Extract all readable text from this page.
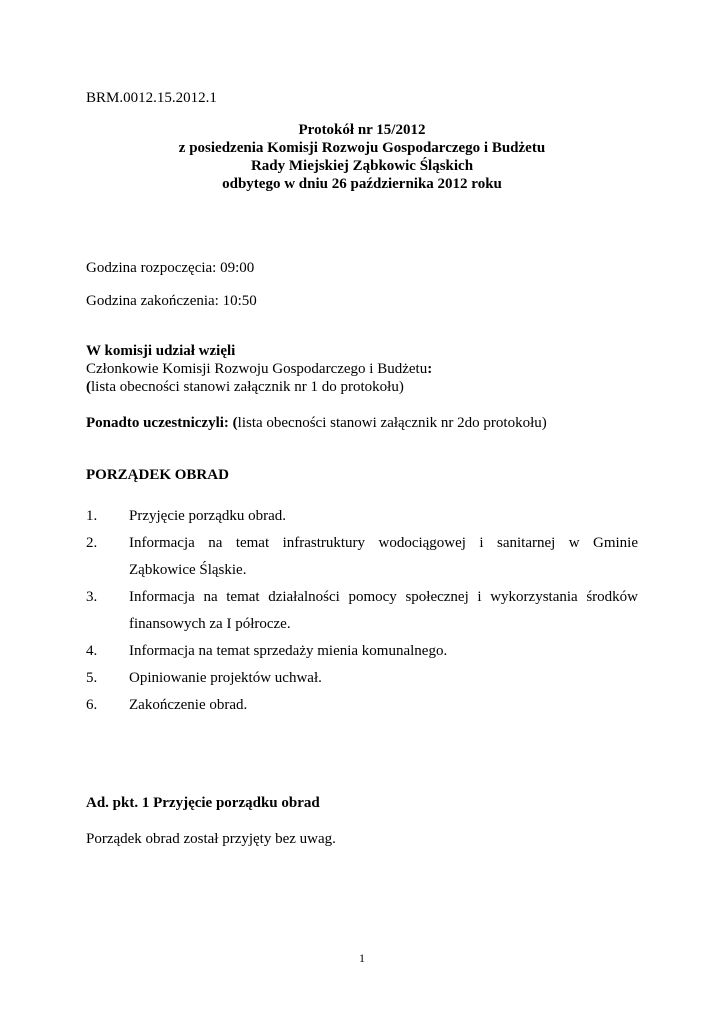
BRM.0012.15.2012.1
Protokół nr 15/2012
z posiedzenia Komisji Rozwoju Gospodarczego i Budżetu
Rady Miejskiej Ząbkowic Śląskich
odbytego w dniu 26 października 2012 roku
Godzina rozpoczęcia: 09:00
Godzina zakończenia: 10:50
W komisji udział wzięli
Członkowie Komisji Rozwoju Gospodarczego i Budżetu:
(lista obecności stanowi załącznik nr 1 do protokołu)
Ponadto uczestniczyli: (lista obecności stanowi załącznik nr 2do protokołu)
PORZĄDEK OBRAD
1. Przyjęcie porządku obrad.
2. Informacja na temat infrastruktury wodociągowej i sanitarnej w Gminie
Ząbkowice Śląskie.
3. Informacja na temat działalności pomocy społecznej i wykorzystania środków
finansowych za I półrocze.
4. Informacja na temat sprzedaży mienia komunalnego.
5. Opiniowanie projektów uchwał.
6. Zakończenie obrad.
Ad. pkt. 1 Przyjęcie porządku obrad
Porządek obrad został przyjęty bez uwag.
1
